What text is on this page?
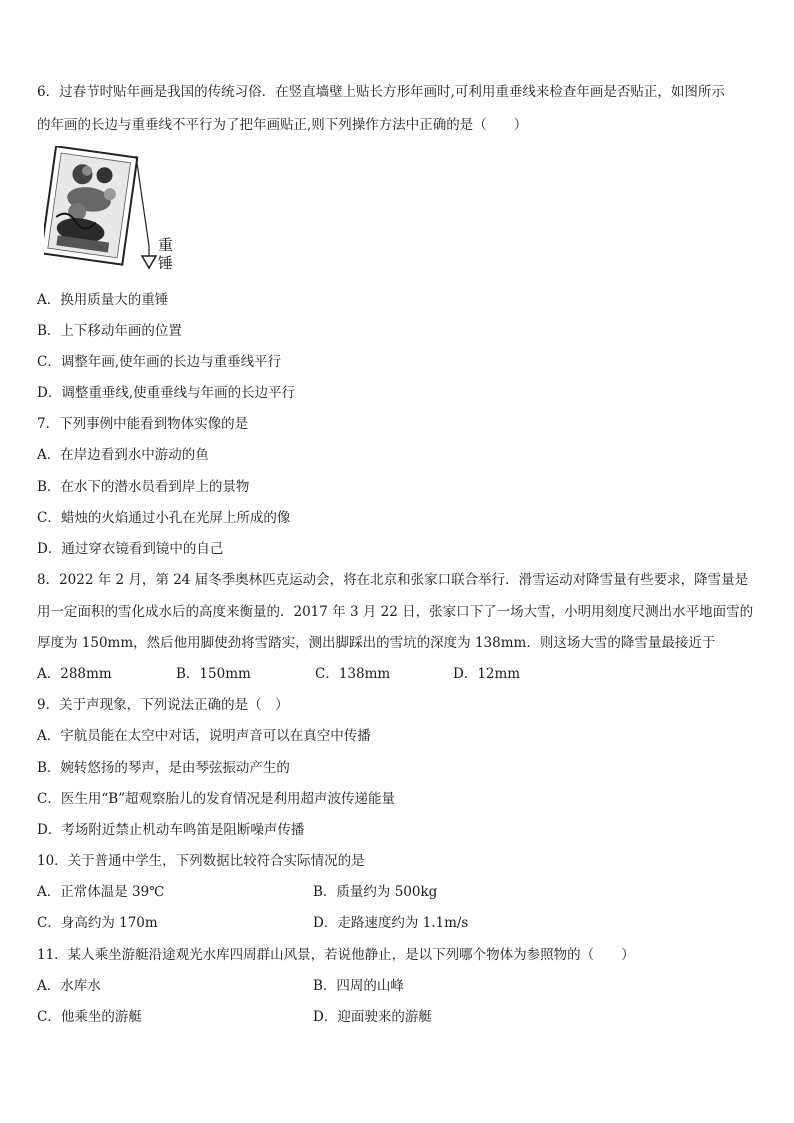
6．过春节时贴年画是我国的传统习俗．在竖直墙壁上贴长方形年画时,可利用重垂线来检查年画是否贴正，如图所示
的年画的长边与重垂线不平行为了把年画贴正,则下列操作方法中正确的是（　　）
重
锤
A．换用质量大的重锤
B．上下移动年画的位置
C．调整年画,使年画的长边与重垂线平行
D．调整重垂线,使重垂线与年画的长边平行
7．下列事例中能看到物体实像的是
A．在岸边看到水中游动的鱼
B．在水下的潜水员看到岸上的景物
C．蜡烛的火焰通过小孔在光屏上所成的像
D．通过穿衣镜看到镜中的自己
8．2022 年 2 月，第 24 届冬季奥林匹克运动会，将在北京和张家口联合举行．滑雪运动对降雪量有些要求，降雪量是
用一定面积的雪化成水后的高度来衡量的．2017 年 3 月 22 日，张家口下了一场大雪，小明用刻度尺测出水平地面雪的
厚度为 150mm，然后他用脚使劲将雪踏实，测出脚踩出的雪坑的深度为 138mm．则这场大雪的降雪量最接近于
A．288mm	B．150mm	C．138mm	D．12mm
9．关于声现象，下列说法正确的是（　）
A．宇航员能在太空中对话，说明声音可以在真空中传播
B．婉转悠扬的琴声，是由琴弦振动产生的
C．医生用“B”超观察胎儿的发育情况是利用超声波传递能量
D．考场附近禁止机动车鸣笛是阻断噪声传播
10．关于普通中学生，下列数据比较符合实际情况的是
A．正常体温是 39℃	B．质量约为 500kg
C．身高约为 170m	D．走路速度约为 1.1m/s
11．某人乘坐游艇沿途观光水库四周群山风景，若说他静止，是以下列哪个物体为参照物的（　　）
A．水库水	B．四周的山峰
C．他乘坐的游艇	D．迎面驶来的游艇
